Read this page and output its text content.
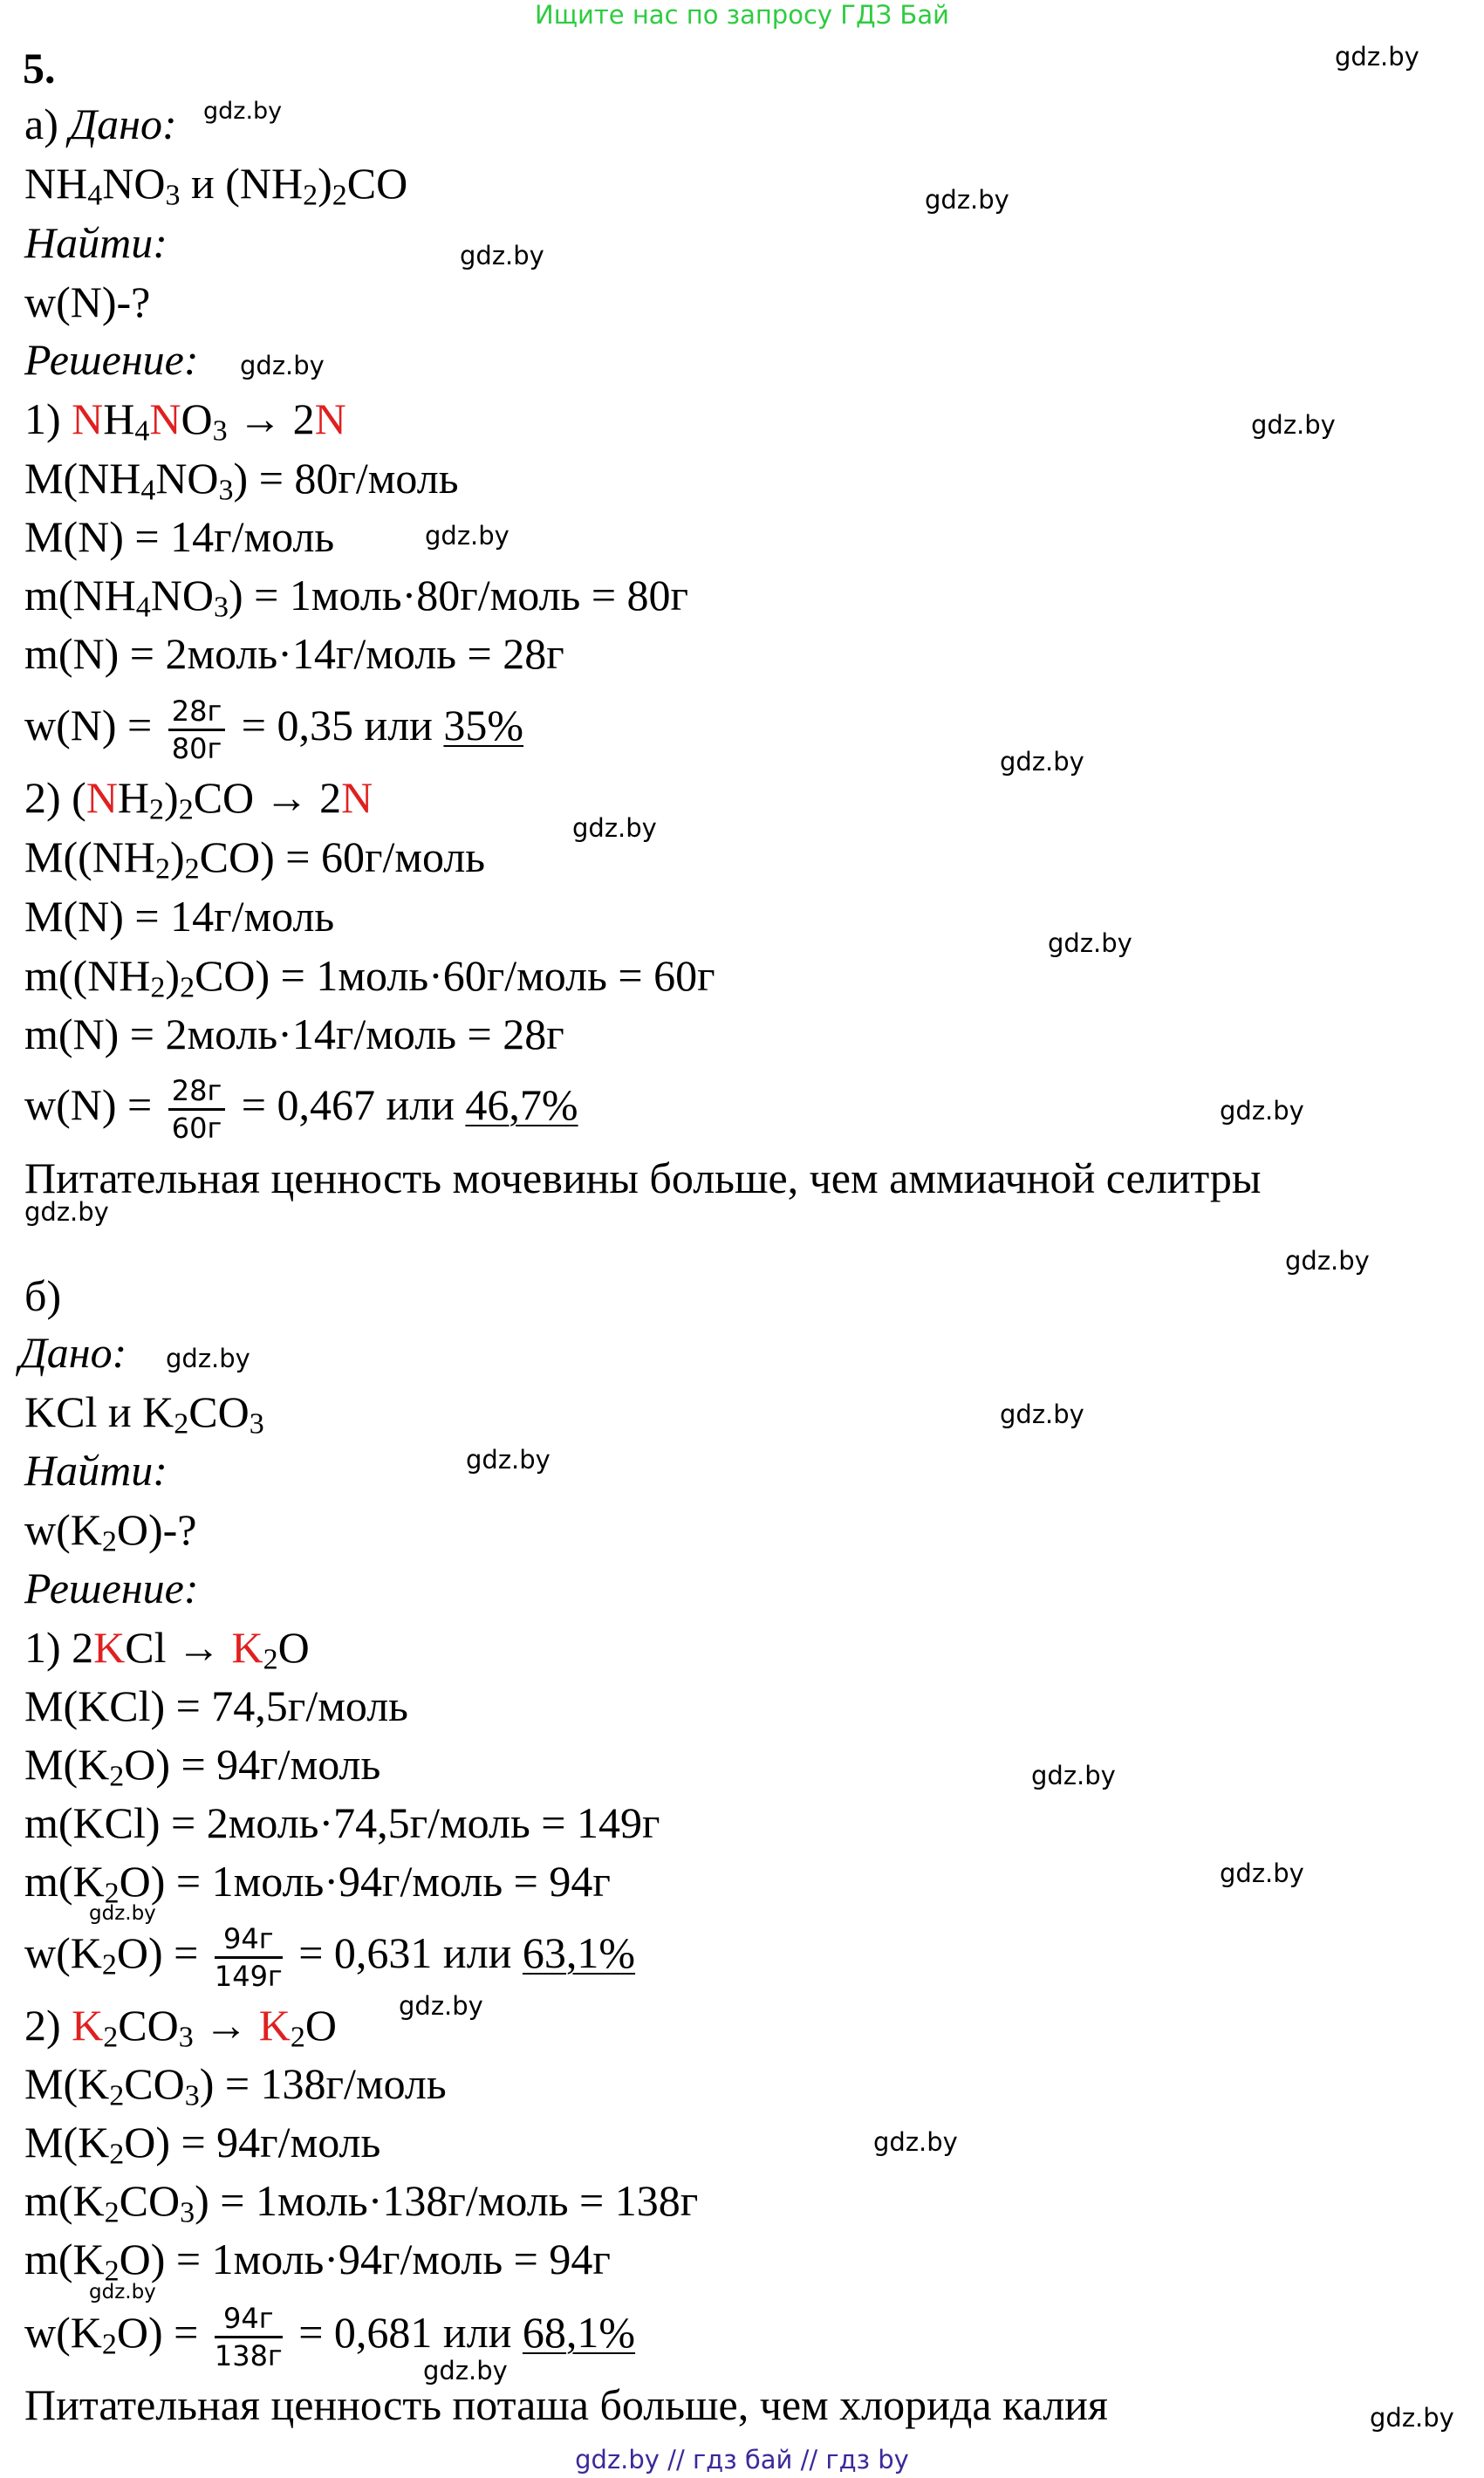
Ищите нас по запросу ГДЗ Бай
5.
а) Дано:
$NH_4NO_3$ и $(NH_2)_2CO$
Найти:
w(N)-?
Решение:
1) $NH_4NO_3 \to 2N$
$M(NH_4NO_3)$ = 80г/моль
M(N) = 14г/моль
$m(NH_4NO_3)$ = 1моль·80г/моль = 80г
m(N) = 2моль·14г/моль = 28г
$w(N) = \frac{28г}{80г} = 0,35$ или 35%
2) $(NH_2)_2CO \to 2N$
$M((NH_2)_2CO)$ = 60г/моль
M(N) = 14г/моль
$m((NH_2)_2CO)$ = 1моль·60г/моль = 60г
m(N) = 2моль·14г/моль = 28г
$w(N) = \frac{28г}{60г} = 0,467$ или 46,7%
Питательная ценность мочевины больше, чем аммиачной селитры
б)
Дано:
KCl и $K_2CO_3$
Найти:
$w(K_2O)-$?
Решение:
1) $2KCl \to K_2O$
M(KCl) = 74,5г/моль
$M(K_2O)$ = 94г/моль
m(KCl) = 2моль·74,5г/моль = 149г
$m(K_2O)$ = 1моль·94г/моль = 94г
$w(K_2O) = \frac{94г}{149г} = 0,631$ или 63,1%
2) $K_2CO_3 \to K_2O$
$M(K_2CO_3)$ = 138г/моль
$M(K_2O)$ = 94г/моль
$m(K_2CO_3)$ = 1моль·138г/моль = 138г
$m(K_2O)$ = 1моль·94г/моль = 94г
$w(K_2O) = \frac{94г}{138г} = 0,681$ или 68,1%
Питательная ценность поташа больше, чем хлорида калия
gdz.by
gdz.by
gdz.by
gdz.by
gdz.by
gdz.by
gdz.by
gdz.by
gdz.by
gdz.by
gdz.by
gdz.by
gdz.by
gdz.by
gdz.by
gdz.by
gdz.by
gdz.by
gdz.by
gdz.by
gdz.by
gdz.by
gdz.by
gdz.by
gdz.by // гдз бай // гдз by
